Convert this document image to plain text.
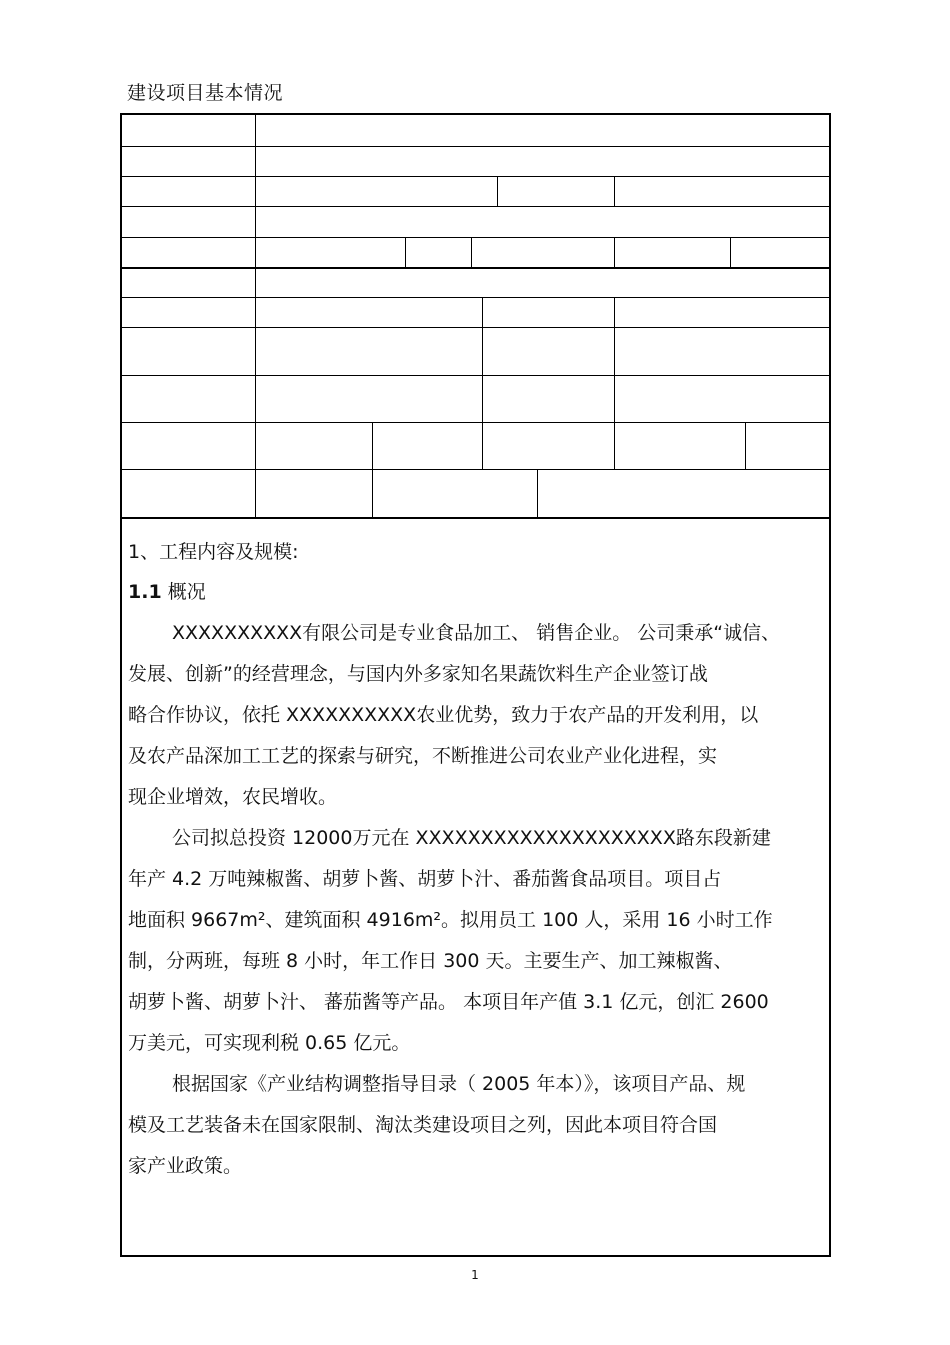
建设项目基本情况
1、工程内容及规模:
1.1 概况
XXXXXXXXXX有限公司是专业食品加工、 销售企业。 公司秉承“诚信、
发展、创新”的经营理念，与国内外多家知名果蔬饮料生产企业签订战
略合作协议，依托 XXXXXXXXXX农业优势，致力于农产品的开发利用，以
及农产品深加工工艺的探索与研究，不断推进公司农业产业化进程，实
现企业增效，农民增收。
公司拟总投资 12000万元在 XXXXXXXXXXXXXXXXXXXX路东段新建
年产 4.2 万吨辣椒酱、胡萝卜酱、胡萝卜汁、番茄酱食品项目。项目占
地面积 9667m²、建筑面积 4916m²。拟用员工 100 人，采用 16 小时工作
制，分两班，每班 8 小时，年工作日 300 天。主要生产、加工辣椒酱、
胡萝卜酱、胡萝卜汁、 蕃茄酱等产品。 本项目年产值 3.1 亿元，创汇 2600
万美元，可实现利税 0.65 亿元。
根据国家《产业结构调整指导目录（ 2005 年本）》，该项目产品、规
模及工艺装备未在国家限制、淘汰类建设项目之列，因此本项目符合国
家产业政策。
1
